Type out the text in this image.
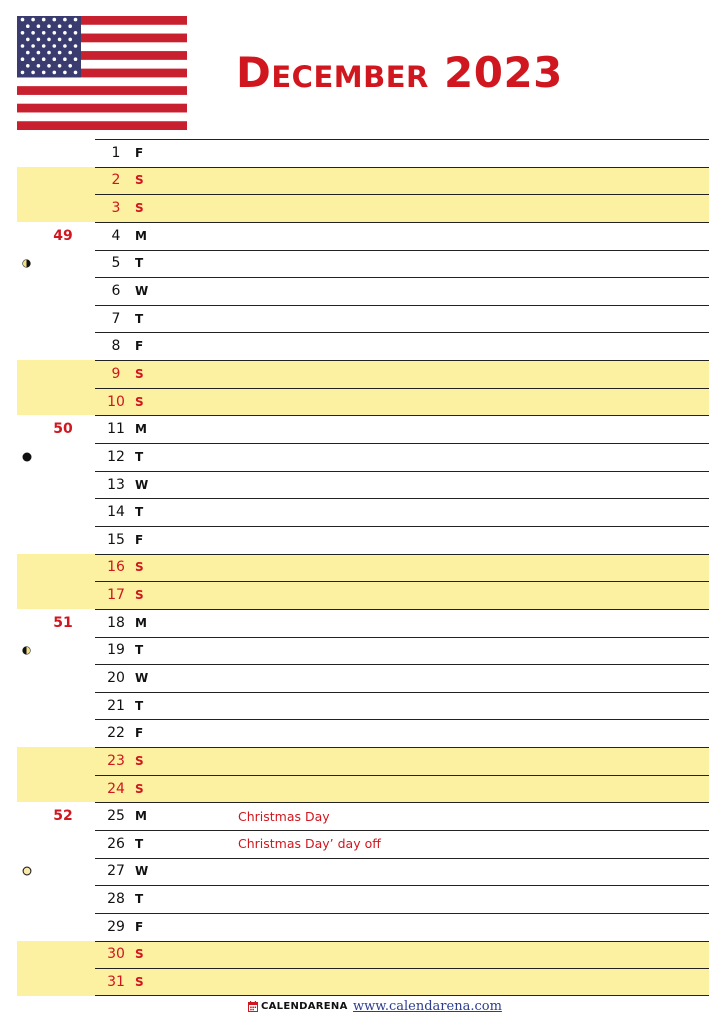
December 2023
1	F
2	S
3	S
49	4	M
5	T
6	W
7	T
8	F
9	S
10 S
50	11 M
12 T
13 W
14 T
15 F
16 S
17 S
51	18 M
19 T
20 W
21 T
22 F
23 S
24 S
52	25 M	Christmas Day
26 T	Christmas Day’ day off
27 W
28 T
29 F
30 S
31 S
CALENDARENA www.calendarena.com
